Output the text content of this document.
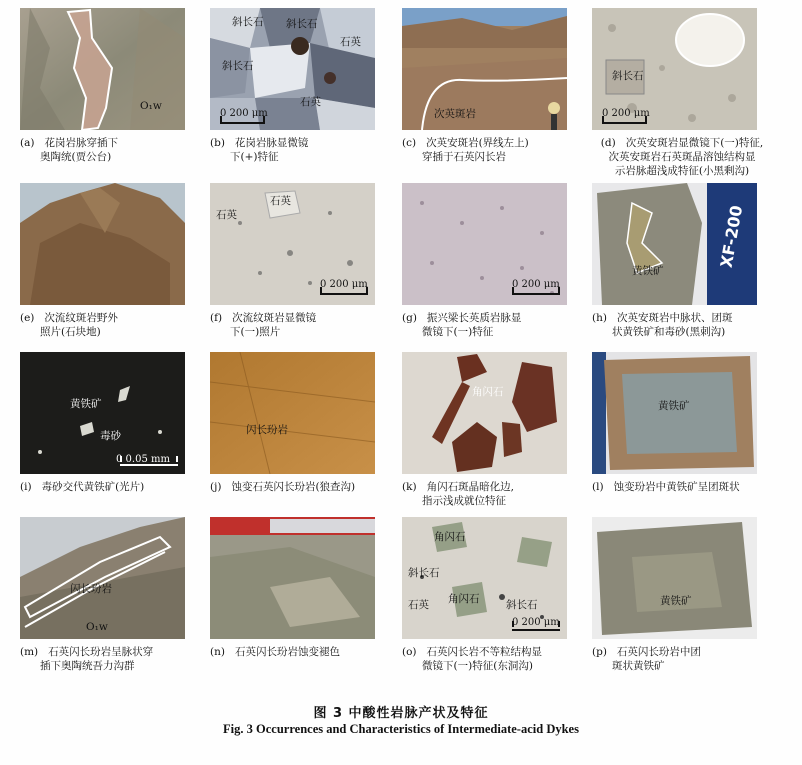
O₁w
(a)   花岗岩脉穿插下
奥陶统(贾公台)
斜长石 斜长石
石英
斜长石
石英
0 200 μm
(b)   花岗岩脉显微镜
下(+)特征
次英斑岩
(c)   次英安斑岩(界线左上)
穿插于石英闪长岩
斜长石
0 200 μm
(d)   次英安斑岩显微镜下(一)特征,
次英安斑岩石英斑晶溶蚀结构显
示岩脉超浅成特征(小黑剩沟)
(e)   次流纹斑岩野外
照片(石块地)
石英
石英
0 200 μm
(f)   次流纹斑岩显微镜
下(一)照片
0 200 μm
(g)   振兴梁长英质岩脉显
微镜下(一)特征
黄铁矿
XF-200
(h)   次英安斑岩中脉状、团斑
状黄铁矿和毒砂(黑刺沟)
黄铁矿
毒砂
0 0.05 mm
(i)   毒砂交代黄铁矿(光片)
闪长玢岩
(j)   蚀变石英闪长玢岩(狼查沟)
角闪石
(k)   角闪石斑晶暗化边,
指示浅成就位特征
黄铁矿
(l)   蚀变玢岩中黄铁矿呈团斑状
闪长玢岩
O₁w
(m)   石英闪长玢岩呈脉状穿
插下奥陶统吾力沟群
(n)   石英闪长玢岩蚀变褪色
角闪石
斜长石
石英 角闪石	斜长石
0 200 μm
(o)   石英闪长岩不等粒结构显
微镜下(一)特征(东洞沟)
黄铁矿
(p)   石英闪长玢岩中团
斑状黄铁矿
图 3 中酸性岩脉产状及特征
Fig. 3 Occurrences and Characteristics of Intermediate-acid Dykes
